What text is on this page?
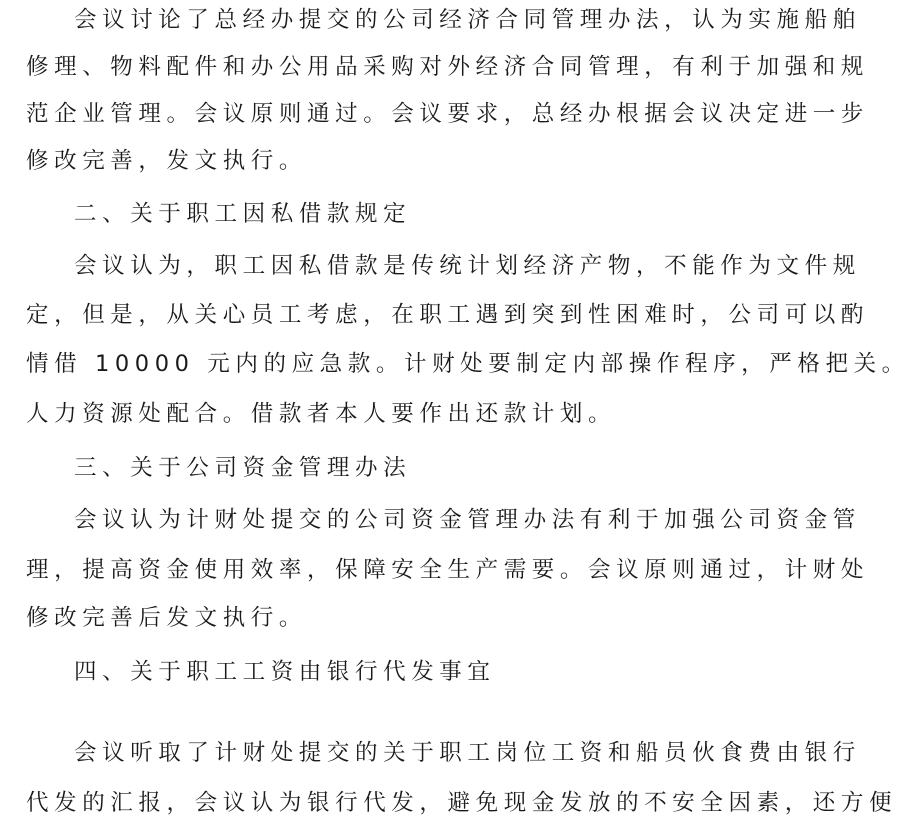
会议讨论了总经办提交的公司经济合同管理办法，认为实施船舶
修理、物料配件和办公用品采购对外经济合同管理，有利于加强和规
范企业管理。会议原则通过。会议要求，总经办根据会议决定进一步
修改完善，发文执行。
二、关于职工因私借款规定
会议认为，职工因私借款是传统计划经济产物，不能作为文件规
定，但是，从关心员工考虑，在职工遇到突到性困难时，公司可以酌
情借 10000 元内的应急款。计财处要制定内部操作程序，严格把关。
人力资源处配合。借款者本人要作出还款计划。
三、关于公司资金管理办法
会议认为计财处提交的公司资金管理办法有利于加强公司资金管
理，提高资金使用效率，保障安全生产需要。会议原则通过，计财处
修改完善后发文执行。
四、关于职工工资由银行代发事宜
会议听取了计财处提交的关于职工岗位工资和船员伙食费由银行
代发的汇报，会议认为银行代发，避免现金发放的不安全因素，还方便
